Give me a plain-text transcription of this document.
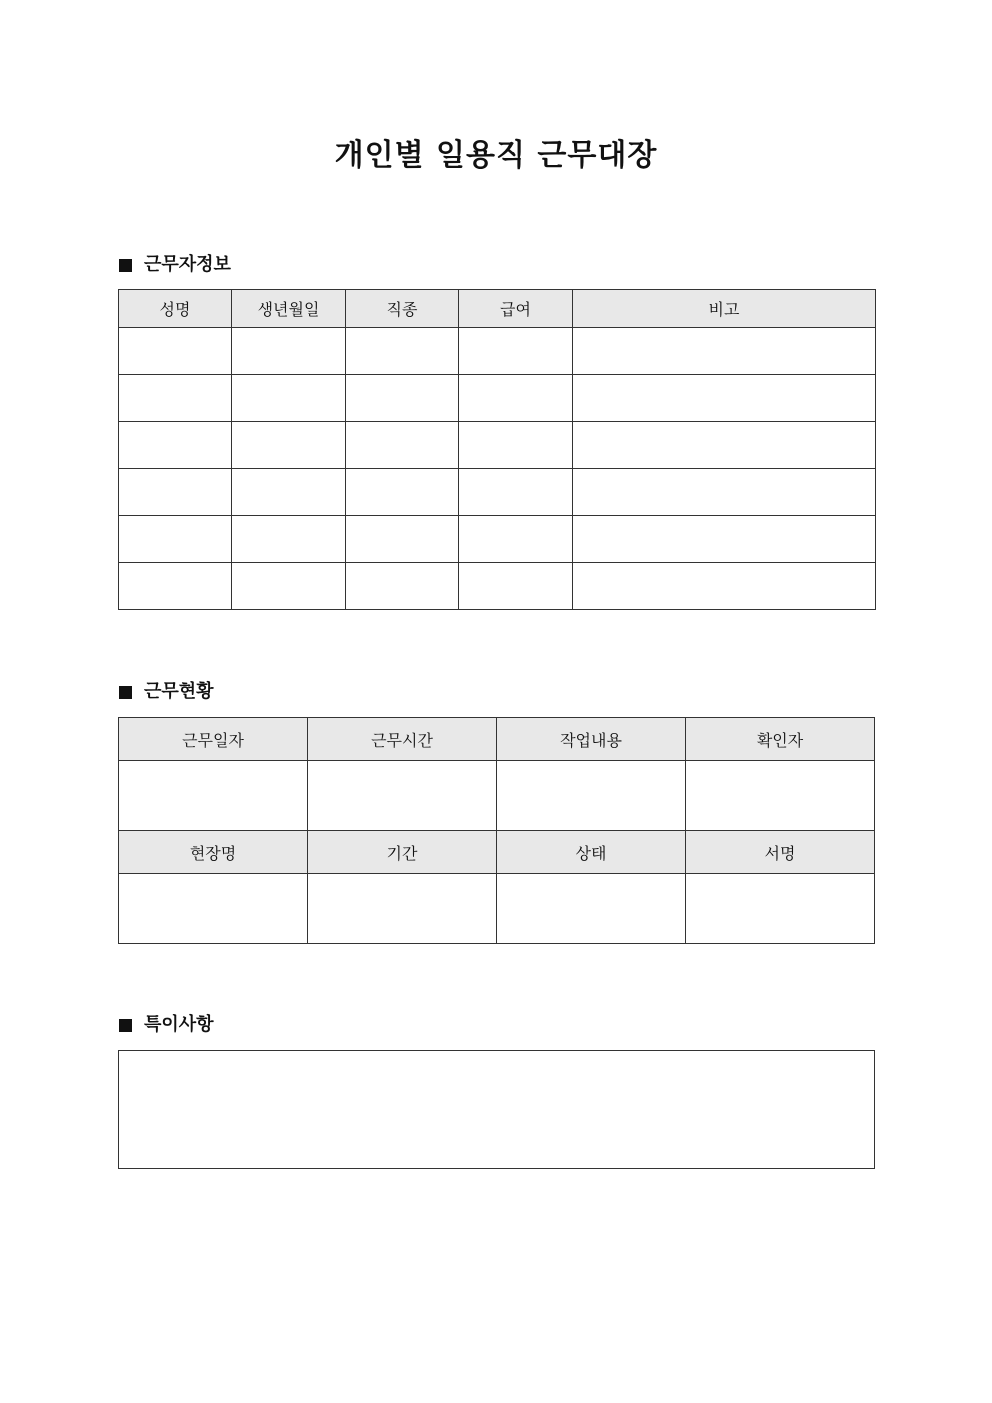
개인별 일용직 근무대장
근무자정보
성명	생년월일	직종	급여	비고

근무현황
근무일자	근무시간	작업내용	확인자

현장명	기간	상태	서명

특이사항
